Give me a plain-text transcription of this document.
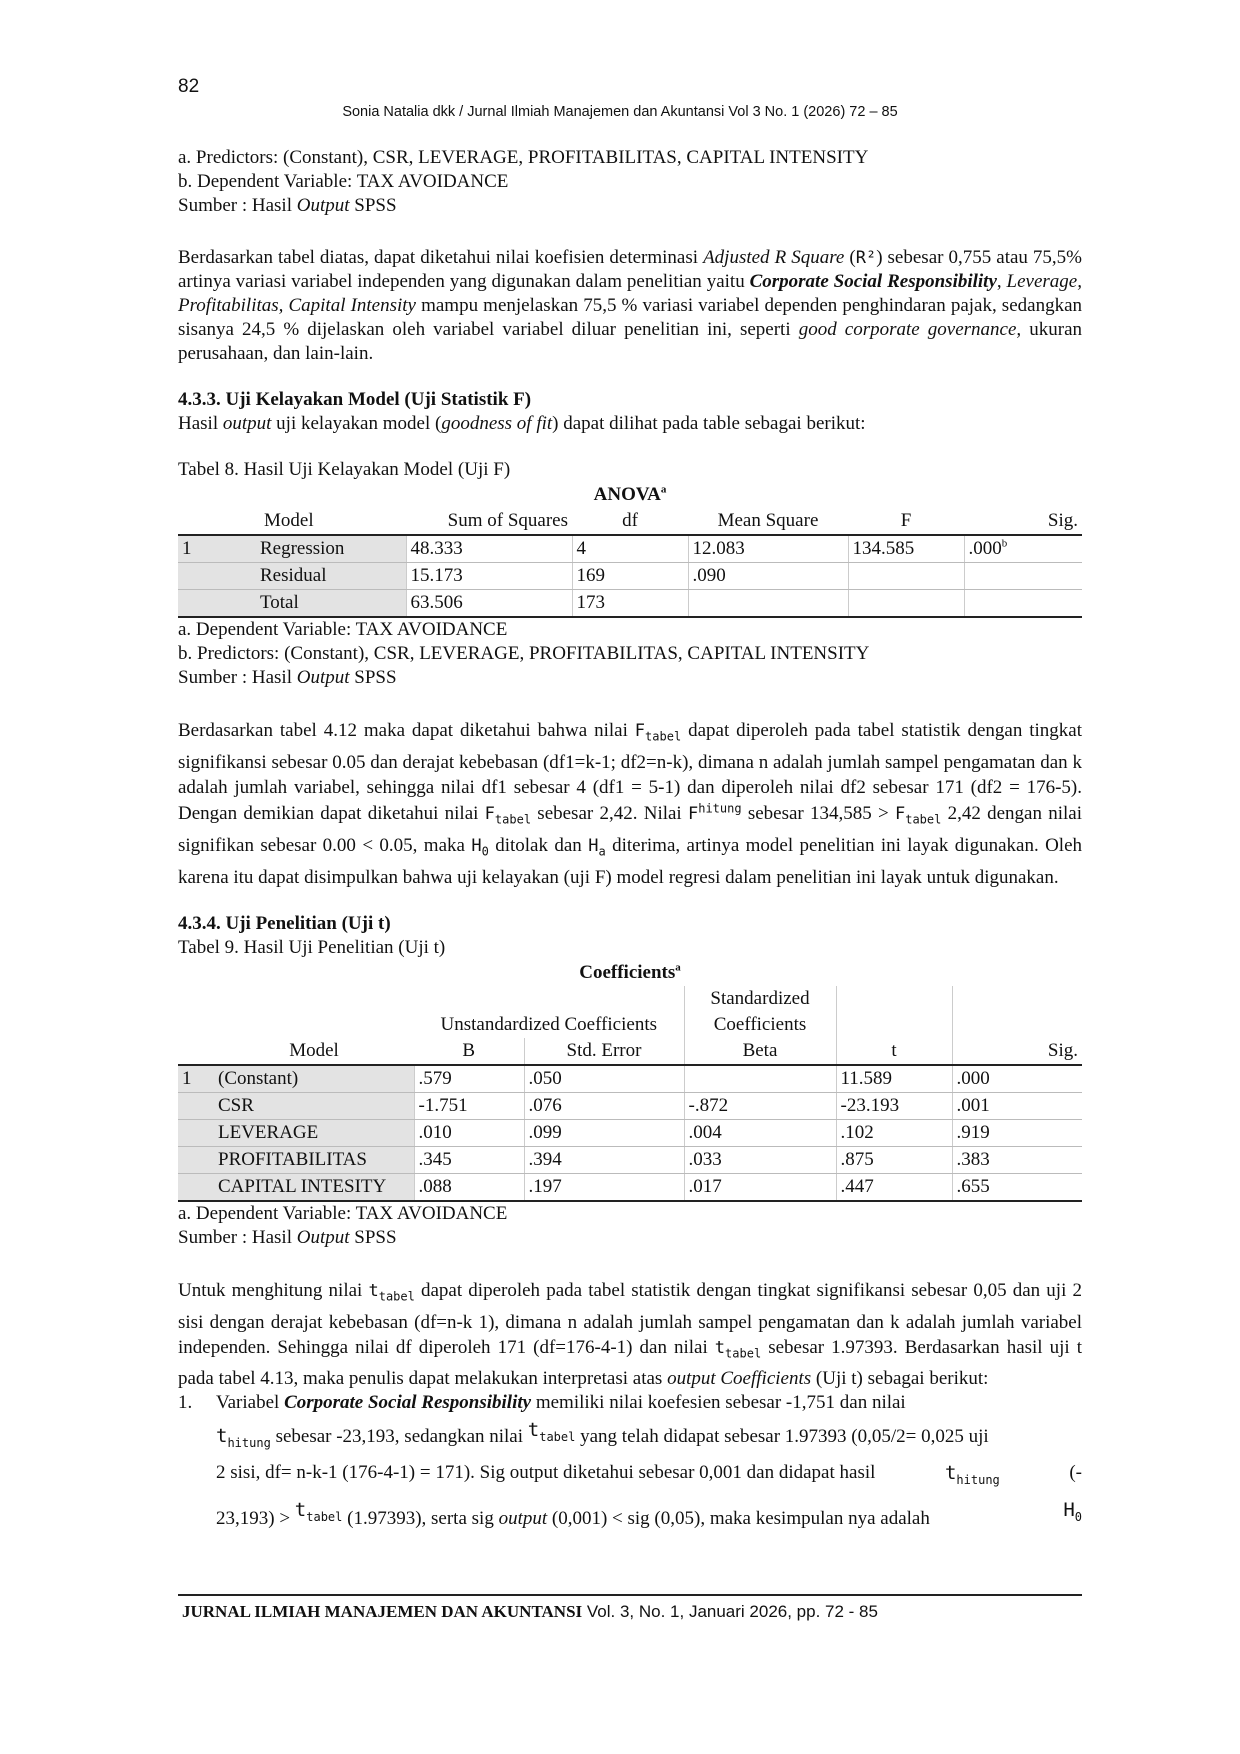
82
Sonia Natalia dkk / Jurnal Ilmiah Manajemen dan Akuntansi Vol 3 No. 1 (2026) 72 – 85

a. Predictors: (Constant), CSR, LEVERAGE, PROFITABILITAS, CAPITAL INTENSITY

b. Dependent Variable: TAX AVOIDANCE

Sumber : Hasil Output SPSS

Berdasarkan tabel diatas, dapat diketahui nilai koefisien determinasi Adjusted R Square (R²) sebesar 0,755 atau 75,5% artinya variasi variabel independen yang digunakan dalam penelitian yaitu Corporate Social Responsibility, Leverage, Profitabilitas, Capital Intensity mampu menjelaskan 75,5 % variasi variabel dependen penghindaran pajak, sedangkan sisanya 24,5 % dijelaskan oleh variabel variabel diluar penelitian ini, seperti good corporate governance, ukuran perusahaan, dan lain-lain.

4.3.3. Uji Kelayakan Model (Uji Statistik F)

Hasil output uji kelayakan model (goodness of fit) dapat dilihat pada table sebagai berikut:

Tabel 8. Hasil Uji Kelayakan Model (Uji F)

ANOVA$^a$
	Model	Sum of Squares	df	Mean Square	F	Sig.
1	Regression	48.333	4	12.083	134.585	.000$^b$
	Residual	15.173	169	.090		
	Total	63.506	173			

a. Dependent Variable: TAX AVOIDANCE

b. Predictors: (Constant), CSR, LEVERAGE, PROFITABILITAS, CAPITAL INTENSITY

Sumber : Hasil Output SPSS

Berdasarkan tabel 4.12 maka dapat diketahui bahwa nilai $F_{tabel}$ dapat diperoleh pada tabel statistik dengan tingkat signifikansi sebesar 0.05 dan derajat kebebasan (df1=k-1; df2=n-k), dimana n adalah jumlah sampel pengamatan dan k adalah jumlah variabel, sehingga nilai df1 sebesar 4 (df1 = 5-1) dan diperoleh nilai df2 sebesar 171 (df2 = 176-5). Dengan demikian dapat diketahui nilai $F_{tabel}$ sebesar 2,42. Nilai $F^{hitung}$ sebesar $134,585 > F_{tabel}$ 2,42 dengan nilai signifikan sebesar 0.00 < 0.05, maka $H_0$ ditolak dan $H_a$ diterima, artinya model penelitian ini layak digunakan. Oleh karena itu dapat disimpulkan bahwa uji kelayakan (uji F) model regresi dalam penelitian ini layak untuk digunakan.

4.3.4. Uji Penelitian (Uji t)

Tabel 9. Hasil Uji Penelitian (Uji t)

Coefficients$^a$
				Standardized		
		Unstandardized Coefficients		Coefficients		
	Model	B	Std. Error	Beta	t	Sig.
1	(Constant)	.579	.050		11.589	.000
	CSR	-1.751	.076	-.872	-23.193	.001
	LEVERAGE	.010	.099	.004	.102	.919
	PROFITABILITAS	.345	.394	.033	.875	.383
	CAPITAL INTESITY	.088	.197	.017	.447	.655

a. Dependent Variable: TAX AVOIDANCE

Sumber : Hasil Output SPSS

Untuk menghitung nilai $t_{tabel}$ dapat diperoleh pada tabel statistik dengan tingkat signifikansi sebesar 0,05 dan uji 2 sisi dengan derajat kebebasan (df=n-k 1), dimana n adalah jumlah sampel pengamatan dan k adalah jumlah variabel independen. Sehingga nilai df diperoleh 171 (df=176-4-1) dan nilai $t_{tabel}$ sebesar 1.97393. Berdasarkan hasil uji t pada tabel 4.13, maka penulis dapat melakukan interpretasi atas output Coefficients (Uji t) sebagai berikut:

1.	Variabel Corporate Social Responsibility memiliki nilai koefesien sebesar -1,751 dan nilai

$t_{hitung}$ sebesar -23,193, sedangkan nilai $t_{tabel}$ yang telah didapat sebesar 1.97393 (0,05/2= 0,025 uji

2 sisi, df= n-k-1 (176-4-1) = 171). Sig output diketahui sebesar 0,001 dan didapat hasil	$t_{hitung}$	(-

$23,193) > t_{tabel}$ (1.97393), serta sig output (0,001) < sig (0,05), maka kesimpulan nya adalah	$H_0$

JURNAL ILMIAH MANAJEMEN DAN AKUNTANSI Vol. 3, No. 1, Januari 2026, pp. 72 - 85
